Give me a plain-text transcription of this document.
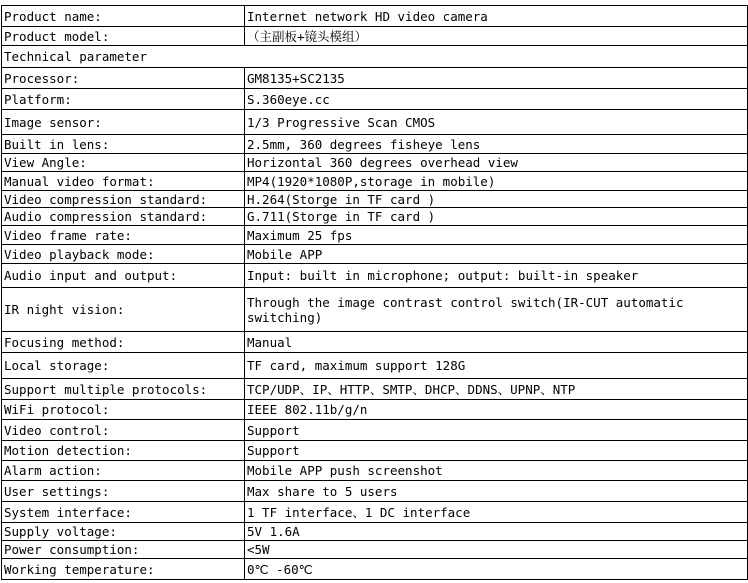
Product name:	Internet network HD video camera
Product model:	（主副板+镜头模组）
Technical parameter	
Processor:	GM8135+SC2135
Platform:	S.360eye.cc
Image sensor:	1/3 Progressive Scan CMOS
Built in lens:	2.5mm, 360 degrees fisheye lens
View Angle:	Horizontal 360 degrees overhead view
Manual video format:	MP4(1920*1080P,storage in mobile)
Video compression standard:	H.264(Storge in TF card )
Audio compression standard:	G.711(Storge in TF card )
Video frame rate:	Maximum 25 fps
Video playback mode:	Mobile APP
Audio input and output:	Input: built in microphone; output: built-in speaker
IR night vision:	Through the image contrast control switch(IR-CUT automatic switching)
Focusing method:	Manual
Local storage:	TF card, maximum support 128G
Support multiple protocols:	TCP/UDP、IP、HTTP、SMTP、DHCP、DDNS、UPNP、NTP
WiFi protocol:	IEEE 802.11b/g/n
Video control:	Support
Motion detection:	Support
Alarm action:	Mobile APP push screenshot
User settings:	Max share to 5 users
System interface:	1 TF interface、1 DC interface
Supply voltage:	5V 1.6A
Power consumption:	<5W
Working temperature:	0℃ -60℃
